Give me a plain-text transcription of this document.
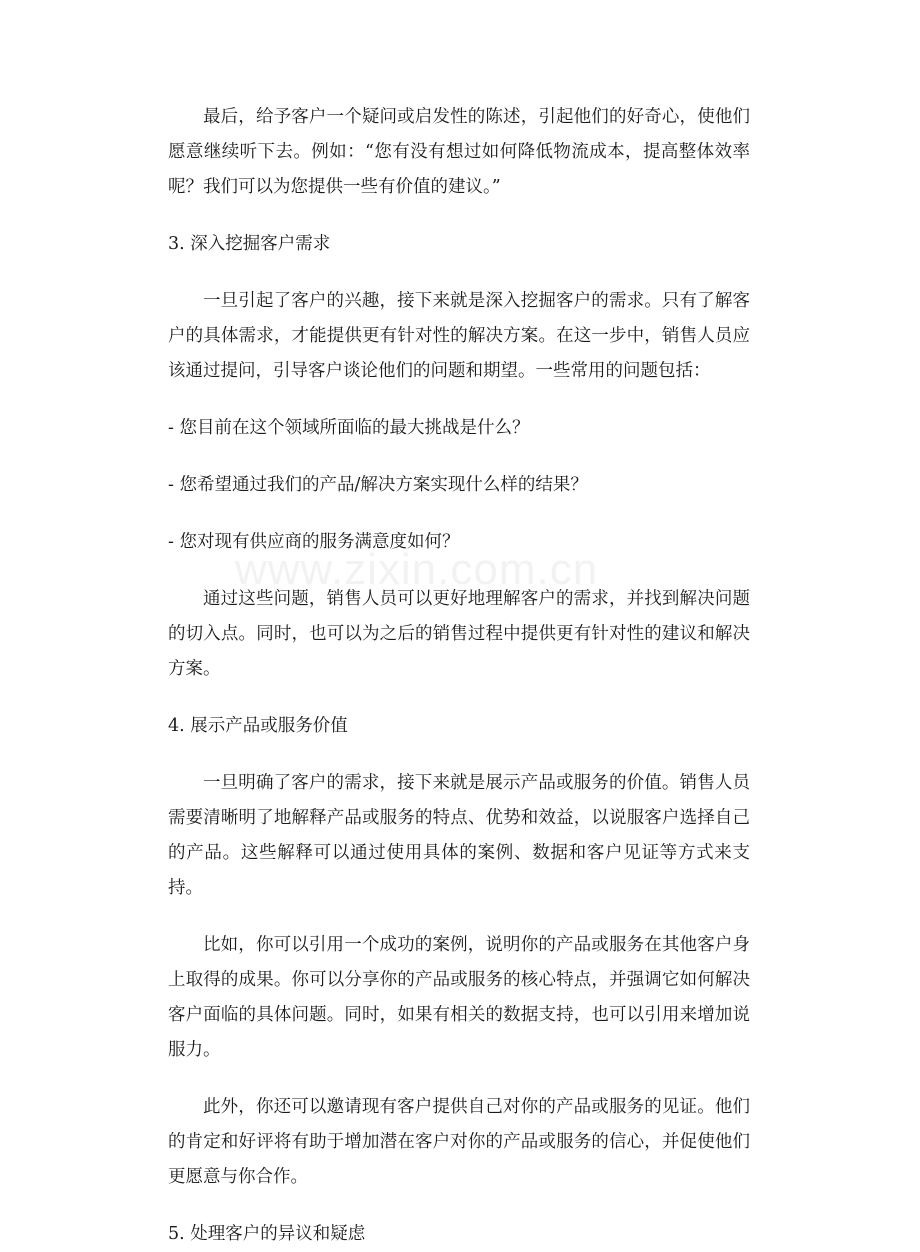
www.zixin.com.cn

最后，给予客户一个疑问或启发性的陈述，引起他们的好奇心，使他们愿意继续听下去。例如：“您有没有想过如何降低物流成本，提高整体效率呢？我们可以为您提供一些有价值的建议。”

3. 深入挖掘客户需求

一旦引起了客户的兴趣，接下来就是深入挖掘客户的需求。只有了解客户的具体需求，才能提供更有针对性的解决方案。在这一步中，销售人员应该通过提问，引导客户谈论他们的问题和期望。一些常用的问题包括：

- 您目前在这个领域所面临的最大挑战是什么？

- 您希望通过我们的产品/解决方案实现什么样的结果？

- 您对现有供应商的服务满意度如何？

通过这些问题，销售人员可以更好地理解客户的需求，并找到解决问题的切入点。同时，也可以为之后的销售过程中提供更有针对性的建议和解决方案。

4. 展示产品或服务价值

一旦明确了客户的需求，接下来就是展示产品或服务的价值。销售人员需要清晰明了地解释产品或服务的特点、优势和效益，以说服客户选择自己的产品。这些解释可以通过使用具体的案例、数据和客户见证等方式来支持。

比如，你可以引用一个成功的案例，说明你的产品或服务在其他客户身上取得的成果。你可以分享你的产品或服务的核心特点，并强调它如何解决客户面临的具体问题。同时，如果有相关的数据支持，也可以引用来增加说服力。

此外，你还可以邀请现有客户提供自己对你的产品或服务的见证。他们的肯定和好评将有助于增加潜在客户对你的产品或服务的信心，并促使他们更愿意与你合作。

5. 处理客户的异议和疑虑
